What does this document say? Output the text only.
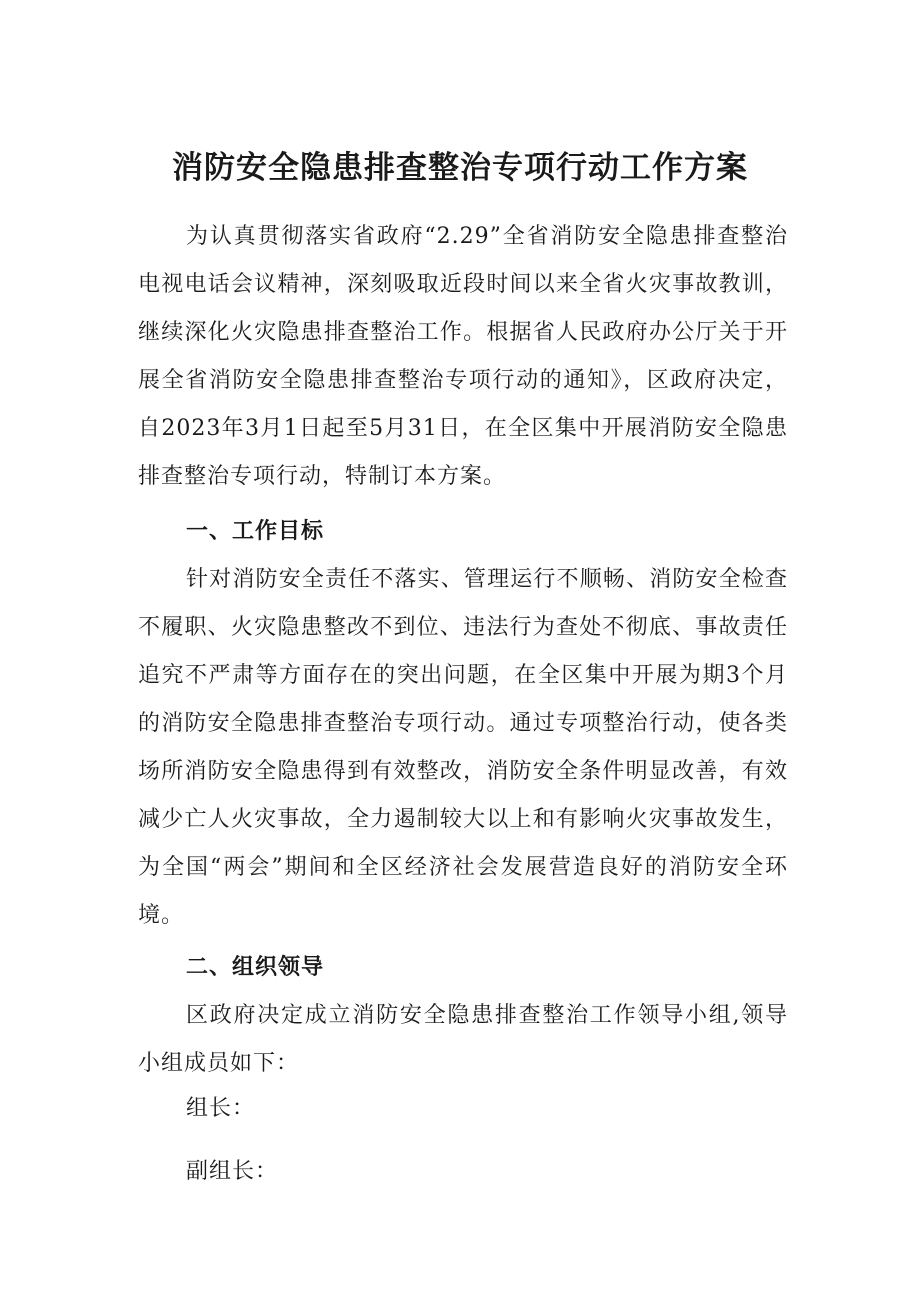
消防安全隐患排查整治专项行动工作方案

为认真贯彻落实省政府“2.29”全省消防安全隐患排查整治电视电话会议精神，深刻吸取近段时间以来全省火灾事故教训，继续深化火灾隐患排查整治工作。根据省人民政府办公厅关于开展全省消防安全隐患排查整治专项行动的通知》，区政府决定，自2023年3月1日起至5月31日，在全区集中开展消防安全隐患排查整治专项行动，特制订本方案。

一、工作目标

针对消防安全责任不落实、管理运行不顺畅、消防安全检查不履职、火灾隐患整改不到位、违法行为查处不彻底、事故责任追究不严肃等方面存在的突出问题，在全区集中开展为期3个月的消防安全隐患排查整治专项行动。通过专项整治行动，使各类场所消防安全隐患得到有效整改，消防安全条件明显改善，有效减少亡人火灾事故，全力遏制较大以上和有影响火灾事故发生，为全国“两会”期间和全区经济社会发展营造良好的消防安全环境。

二、组织领导

区政府决定成立消防安全隐患排查整治工作领导小组,领导小组成员如下：

组长：

副组长：
